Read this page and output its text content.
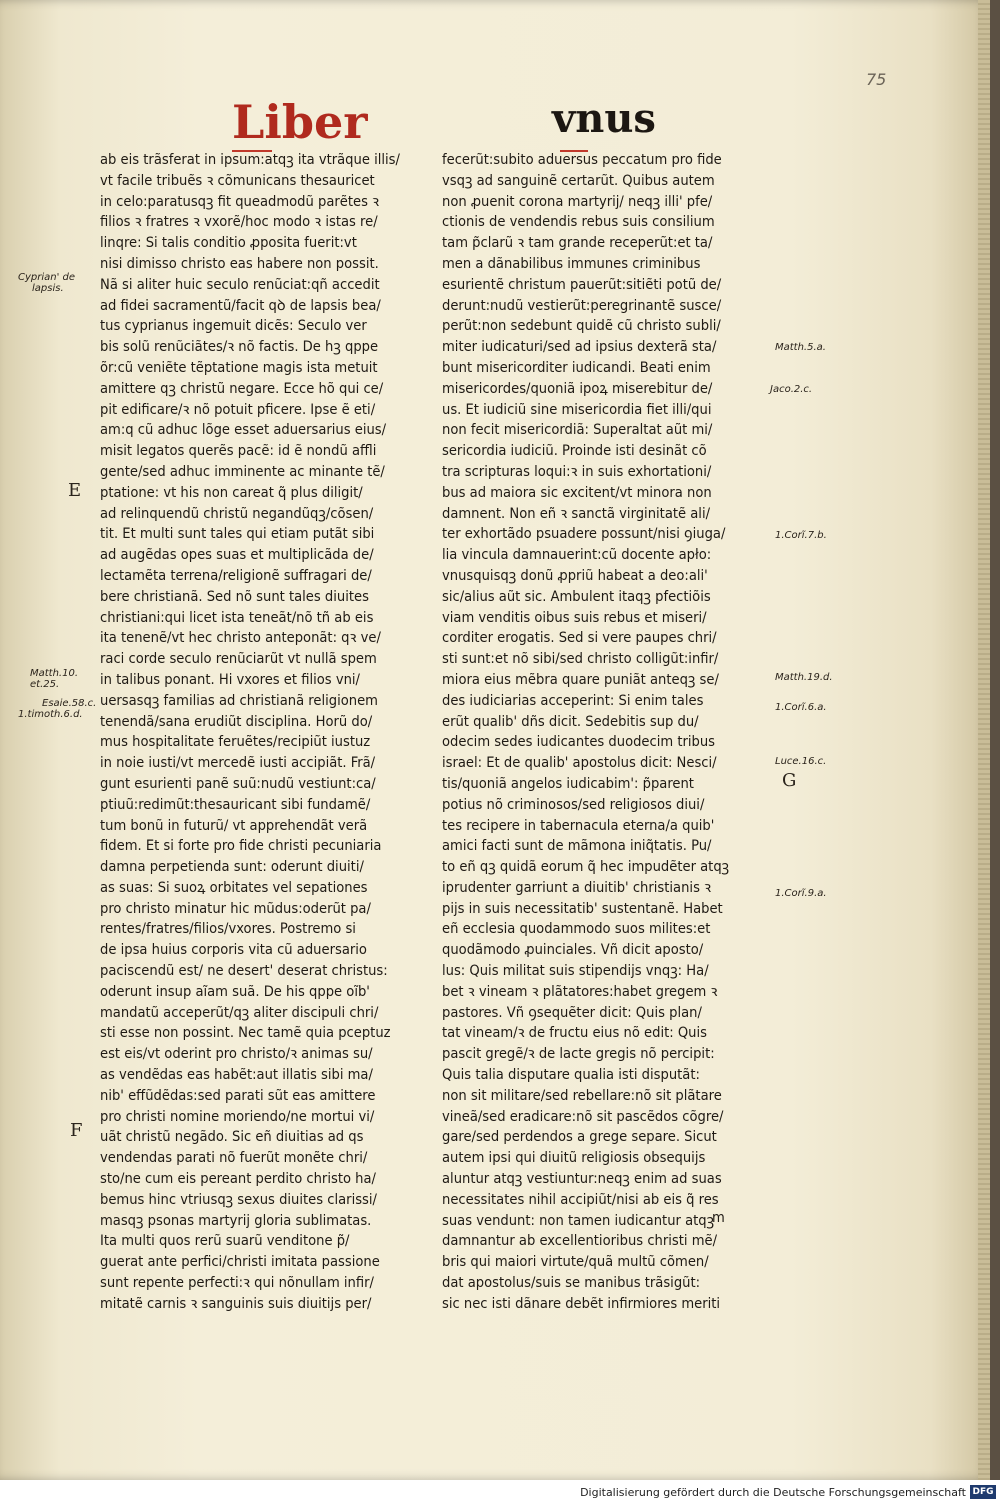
75
Liber	vnus
ab eis trãsferat in ipsum:atqꝫ ita vtrãque illis/
vt facile tribuẽs ꝛ cõmunicans thesauricet
in celo:paratusqꝫ fit queadmodũ parẽtes ꝛ
filios ꝛ fratres ꝛ vxorẽ/hoc modo ꝛ istas re/
linqre: Si talis conditio ꝓposita fuerit:vt
nisi dimisso christo eas habere non possit.
Nã si aliter huic seculo renũciat:qñ accedit
ad fidei sacramentũ/facit qꝺ de lapsis bea/
tus cyprianus ingemuit dicẽs: Seculo ver
bis solũ renũciãtes/ꝛ nõ factis. De hꝫ qppe
õr:cũ veniẽte tẽptatione magis ista metuit
amittere qꝫ christũ negare. Ecce hõ qui ce/
pit edificare/ꝛ nõ potuit pficere. Ipse ẽ eti/
am:q cũ adhuc lõge esset aduersarius eius/
misit legatos querẽs pacẽ: id ẽ nondũ affli
gente/sed adhuc imminente ac minante tẽ/
ptatione: vt his non careat q̃ plus diligit/
ad relinquendũ christũ negandũqꝫ/cõsen/
tit. Et multi sunt tales qui etiam putãt sibi
ad augẽdas opes suas et multiplicãda de/
lectamẽta terrena/religionẽ suffragari de/
bere christianã. Sed nõ sunt tales diuites
christiani:qui licet ista teneãt/nõ tñ ab eis
ita tenenẽ/vt hec christo anteponãt: qꝛ ve/
raci corde seculo renũciarũt vt nullã spem
in talibus ponant. Hi vxores et filios vni/
uersasqꝫ familias ad christianã religionem
tenendã/sana erudiũt disciplina. Horũ do/
mus hospitalitate feruẽtes/recipiũt iustuz
in noie iusti/vt mercedẽ iusti accipiãt. Frã/
gunt esurienti panẽ suũ:nudũ vestiunt:ca/
ptiuũ:redimũt:thesauricant sibi fundamẽ/
tum bonũ in futurũ/ vt apprehendãt verã
fidem. Et si forte pro fide christi pecuniaria
damna perpetienda sunt: oderunt diuiti/
as suas: Si suoꝝ orbitates vel sepationes
pro christo minatur hic mũdus:oderũt pa/
rentes/fratres/filios/vxores. Postremo si
de ipsa huius corporis vita cũ aduersario
paciscendũ est/ ne desert' deserat christus:
oderunt insup aĩam suã. De his qppe oĩb'
mandatũ acceperũt/qꝫ aliter discipuli chri/
sti esse non possint. Nec tamẽ quia pceptuz
est eis/vt oderint pro christo/ꝛ animas su/
as vendẽdas eas habẽt:aut illatis sibi ma/
nib' effũdẽdas:sed parati sũt eas amittere
pro christi nomine moriendo/ne mortui vi/
uãt christũ negãdo. Sic eñ diuitias ad qs
vendendas parati nõ fuerũt monẽte chri/
sto/ne cum eis pereant perdito christo ha/
bemus hinc vtriusqꝫ sexus diuites clarissi/
masqꝫ psonas martyrij gloria sublimatas.
Ita multi quos rerũ suarũ venditone p̃/
guerat ante perfici/christi imitata passione
sunt repente perfecti:ꝛ qui nõnullam infir/
mitatẽ carnis ꝛ sanguinis suis diuitijs per/
fecerũt:subito aduersus peccatum pro fide
vsqꝫ ad sanguinẽ certarũt. Quibus autem
non ꝓuenit corona martyrij/ neqꝫ illi' pfe/
ctionis de vendendis rebus suis consilium
tam p̃clarũ ꝛ tam grande receperũt:et ta/
men a dãnabilibus immunes criminibus
esurientẽ christum pauerũt:sitiẽti potũ de/
derunt:nudũ vestierũt:peregrinantẽ susce/
perũt:non sedebunt quidẽ cũ christo subli/
miter iudicaturi/sed ad ipsius dexterã sta/
bunt misericorditer iudicandi. Beati enim
misericordes/quoniã ipoꝝ miserebitur de/
us. Et iudiciũ sine misericordia fiet illi/qui
non fecit misericordiã: Superaltat aũt mi/
sericordia iudiciũ. Proinde isti desinãt cõ
tra scripturas loqui:ꝛ in suis exhortationi/
bus ad maiora sic excitent/vt minora non
damnent. Non eñ ꝛ sanctã virginitatẽ ali/
ter exhortãdo psuadere possunt/nisi ꝯiuga/
lia vincula damnauerint:cũ docente apło:
vnusquisqꝫ donũ ꝓpriũ habeat a deo:ali'
sic/alius aũt sic. Ambulent itaqꝫ pfectiõis
viam venditis oibus suis rebus et miseri/
corditer erogatis. Sed si vere paupes chri/
sti sunt:et nõ sibi/sed christo colligũt:infir/
miora eius mẽbra quare puniãt anteqꝫ se/
des iudiciarias acceperint: Si enim tales
erũt qualib' dñs dicit. Sedebitis sup du/
odecim sedes iudicantes duodecim tribus
israel: Et de qualib' apostolus dicit: Nesci/
tis/quoniã angelos iudicabim': p̃parent
potius nõ criminosos/sed religiosos diui/
tes recipere in tabernacula eterna/a quib'
amici facti sunt de mãmona iniq̃tatis. Pu/
to eñ qꝫ quidã eorum q̃ hec impudẽter atqꝫ
iprudenter garriunt a diuitib' christianis ꝛ
pijs in suis necessitatib' sustentanẽ. Habet
eñ ecclesia quodammodo suos milites:et
quodãmodo ꝓuinciales. Vñ dicit aposto/
lus: Quis militat suis stipendijs vnqꝫ: Ha/
bet ꝛ vineam ꝛ plãtatores:habet gregem ꝛ
pastores. Vñ ꝯsequẽter dicit: Quis plan/
tat vineam/ꝛ de fructu eius nõ edit: Quis
pascit gregẽ/ꝛ de lacte gregis nõ percipit:
Quis talia disputare qualia isti disputãt:
non sit militare/sed rebellare:nõ sit plãtare
vineã/sed eradicare:nõ sit pascẽdos cõgre/
gare/sed perdendos a grege separe. Sicut
autem ipsi qui diuitũ religiosis obsequijs
aluntur atqꝫ vestiuntur:neqꝫ enim ad suas
necessitates nihil accipiũt/nisi ab eis q̃ res
suas vendunt: non tamen iudicantur atqꝫ
damnantur ab excellentioribus christi mẽ/
bris qui maiori virtute/quã multũ cõmen/
dat apostolus/suis se manibus trãsigũt:
sic nec isti dãnare debẽt infirmiores meriti
Cyprian' de
lapsis.
E
Matth.10.
et.25.
Esaie.58.c.
1.timoth.6.d.
F
Matth.5.a.
Jaco.2.c.
1.Corĩ.7.b.
Matth.19.d.
1.Corĩ.6.a.
Luce.16.c.
G
1.Corĩ.9.a.
m
Digitalisierung gefördert durch die Deutsche Forschungsgemeinschaft DFG
